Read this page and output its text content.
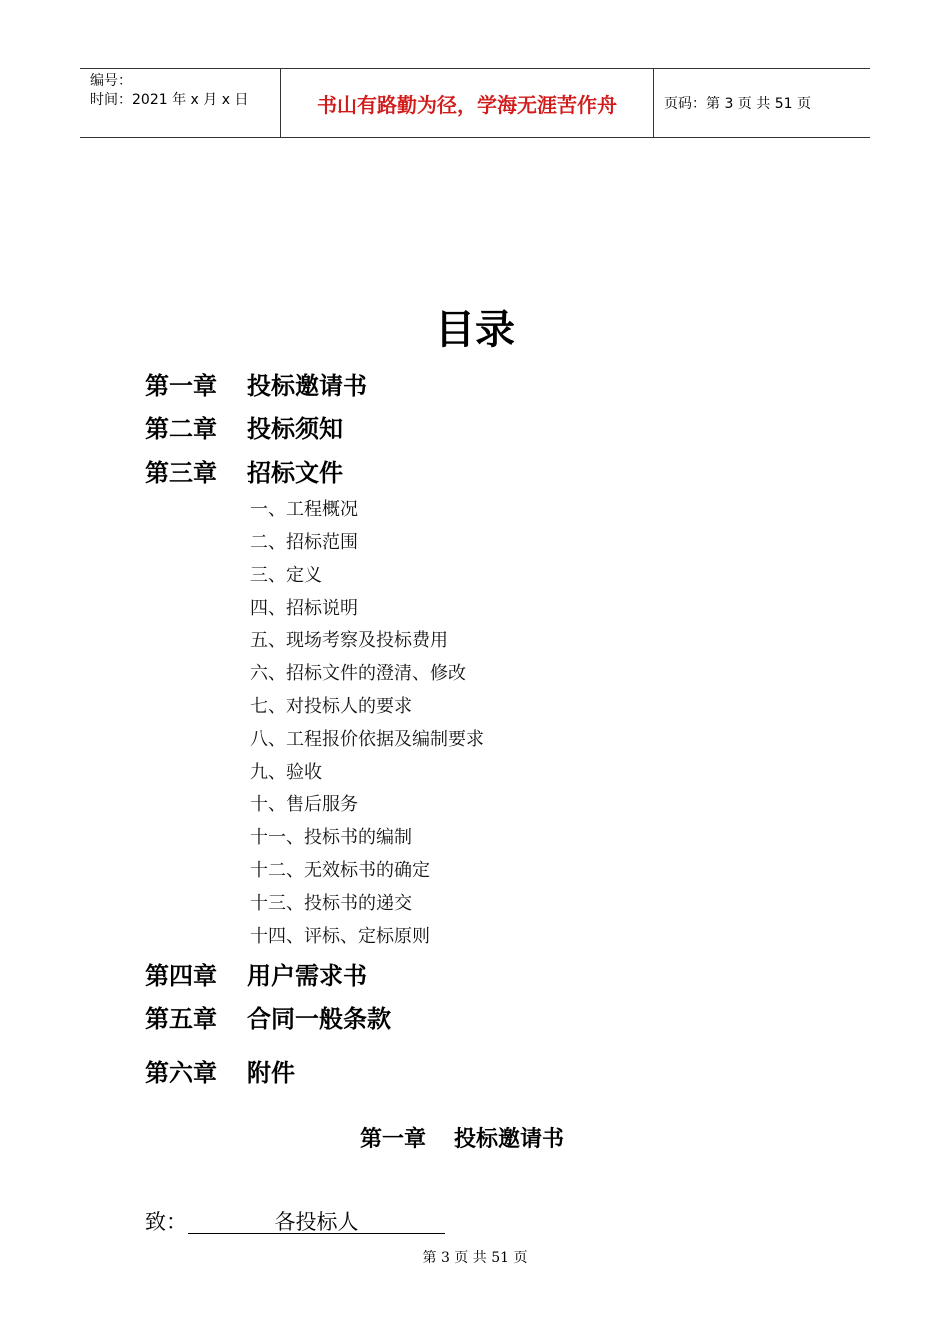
编号：
时间：2021 年 x 月 x 日	书山有路勤为径，学海无涯苦作舟	页码：第 3 页 共 51 页
目录
第一章 投标邀请书
第二章 投标须知
第三章 招标文件
一、工程概况
二、招标范围
三、定义
四、招标说明
五、现场考察及投标费用
六、招标文件的澄清、修改
七、对投标人的要求
八、工程报价依据及编制要求
九、验收
十、售后服务
十一、投标书的编制
十二、无效标书的确定
十三、投标书的递交
十四、评标、定标原则
第四章 用户需求书
第五章 合同一般条款
第六章 附件
第一章 投标邀请书
致：	各投标人
第 3 页 共 51 页
